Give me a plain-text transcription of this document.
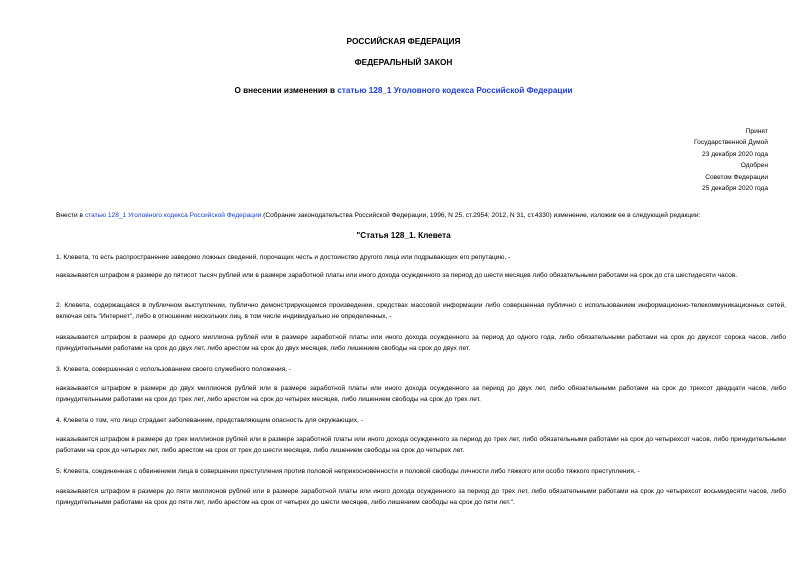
РОССИЙСКАЯ ФЕДЕРАЦИЯ
ФЕДЕРАЛЬНЫЙ ЗАКОН
О внесении изменения в статью 128_1 Уголовного кодекса Российской Федерации
Принят
Государственной Думой
23 декабря 2020 года
Одобрен
Советом Федерации
25 декабря 2020 года
Внести в статью 128_1 Уголовного кодекса Российской Федерации (Собрание законодательства Российской Федерации, 1996, N 25, ст.2954; 2012, N 31, ст.4330) изменение, изложив ее в следующей редакции:
"Статья 128_1. Клевета
1. Клевета, то есть распространение заведомо ложных сведений, порочащих честь и достоинство другого лица или подрывающих его репутацию, -
наказывается штрафом в размере до пятисот тысяч рублей или в размере заработной платы или иного дохода осужденного за период до шести месяцев либо обязательными работами на срок до ста шестидесяти часов.
2. Клевета, содержащаяся в публичном выступлении, публично демонстрирующемся произведении, средствах массовой информации либо совершенная публично с использованием информационно-телекоммуникационных сетей, включая сеть "Интернет", либо в отношении нескольких лиц, в том числе индивидуально не определенных, -
наказывается штрафом в размере до одного миллиона рублей или в размере заработной платы или иного дохода осужденного за период до одного года, либо обязательными работами на срок до двухсот сорока часов, либо принудительными работами на срок до двух лет, либо арестом на срок до двух месяцев, либо лишением свободы на срок до двух лет.
3. Клевета, совершенная с использованием своего служебного положения, -
наказывается штрафом в размере до двух миллионов рублей или в размере заработной платы или иного дохода осужденного за период до двух лет, либо обязательными работами на срок до трехсот двадцати часов, либо принудительными работами на срок до трех лет, либо арестом на срок до четырех месяцев, либо лишением свободы на срок до трех лет.
4. Клевета о том, что лицо страдает заболеванием, представляющим опасность для окружающих, -
наказывается штрафом в размере до трех миллионов рублей или в размере заработной платы или иного дохода осужденного за период до трех лет, либо обязательными работами на срок до четырехсот часов, либо принудительными работами на срок до четырех лет, либо арестом на срок от трех до шести месяцев, либо лишением свободы на срок до четырех лет.
5. Клевета, соединенная с обвинением лица в совершении преступления против половой неприкосновенности и половой свободы личности либо тяжкого или особо тяжкого преступления, -
наказывается штрафом в размере до пяти миллионов рублей или в размере заработной платы или иного дохода осужденного за период до трех лет, либо обязательными работами на срок до четырехсот восьмидесяти часов, либо принудительными работами на срок до пяти лет, либо арестом на срок от четырех до шести месяцев, либо лишением свободы на срок до пяти лет.".
